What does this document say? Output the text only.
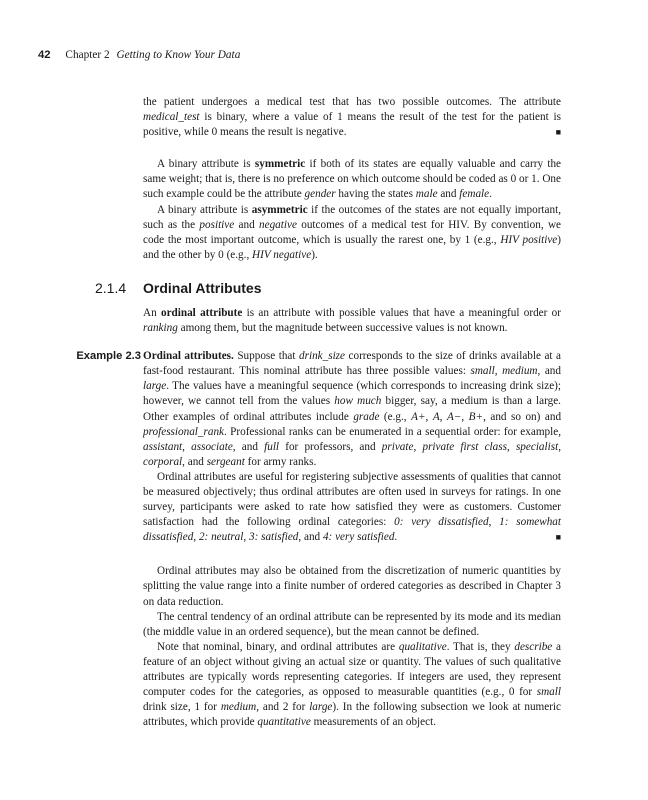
42 Chapter 2 Getting to Know Your Data

the patient undergoes a medical test that has two possible outcomes. The attribute medical_test is binary, where a value of 1 means the result of the test for the patient is positive, while 0 means the result is negative.	■

A binary attribute is symmetric if both of its states are equally valuable and carry the same weight; that is, there is no preference on which outcome should be coded as 0 or 1. One such example could be the attribute gender having the states male and female.

A binary attribute is asymmetric if the outcomes of the states are not equally important, such as the positive and negative outcomes of a medical test for HIV. By convention, we code the most important outcome, which is usually the rarest one, by 1 (e.g., HIV positive) and the other by 0 (e.g., HIV negative).

2.1.4 Ordinal Attributes

An ordinal attribute is an attribute with possible values that have a meaningful order or ranking among them, but the magnitude between successive values is not known.

Example 2.3 Ordinal attributes. Suppose that drink_size corresponds to the size of drinks available at a fast-food restaurant. This nominal attribute has three possible values: small, medium, and large. The values have a meaningful sequence (which corresponds to increasing drink size); however, we cannot tell from the values how much bigger, say, a medium is than a large. Other examples of ordinal attributes include grade (e.g., A+, A, A−, B+, and so on) and professional_rank. Professional ranks can be enumerated in a sequential order: for example, assistant, associate, and full for professors, and private, private first class, specialist, corporal, and sergeant for army ranks.

Ordinal attributes are useful for registering subjective assessments of qualities that cannot be measured objectively; thus ordinal attributes are often used in surveys for ratings. In one survey, participants were asked to rate how satisfied they were as customers. Customer satisfaction had the following ordinal categories: 0: very dissatisfied, 1: somewhat dissatisfied, 2: neutral, 3: satisfied, and 4: very satisfied.	■

Ordinal attributes may also be obtained from the discretization of numeric quantities by splitting the value range into a finite number of ordered categories as described in Chapter 3 on data reduction.

The central tendency of an ordinal attribute can be represented by its mode and its median (the middle value in an ordered sequence), but the mean cannot be defined.

Note that nominal, binary, and ordinal attributes are qualitative. That is, they describe a feature of an object without giving an actual size or quantity. The values of such qualitative attributes are typically words representing categories. If integers are used, they represent computer codes for the categories, as opposed to measurable quantities (e.g., 0 for small drink size, 1 for medium, and 2 for large). In the following subsection we look at numeric attributes, which provide quantitative measurements of an object.
